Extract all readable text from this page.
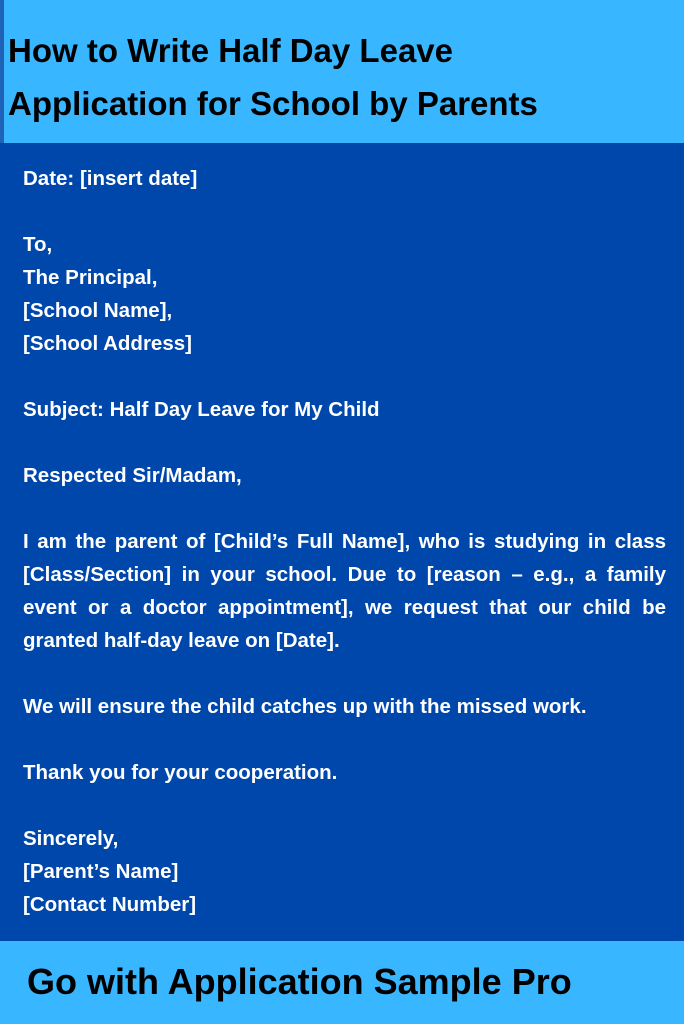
How to Write Half Day Leave
Application for School by Parents

Date: [insert date]

To,

The Principal,

[School Name],

[School Address]

Subject: Half Day Leave for My Child

Respected Sir/Madam,

I am the parent of [Child’s Full Name], who is studying in class [Class/Section] in your school. Due to [reason – e.g., a family event or a doctor appointment], we request that our child be granted half-day leave on [Date].

We will ensure the child catches up with the missed work.

Thank you for your cooperation.

Sincerely,

[Parent’s Name]

[Contact Number]

Go with Application Sample Pro
